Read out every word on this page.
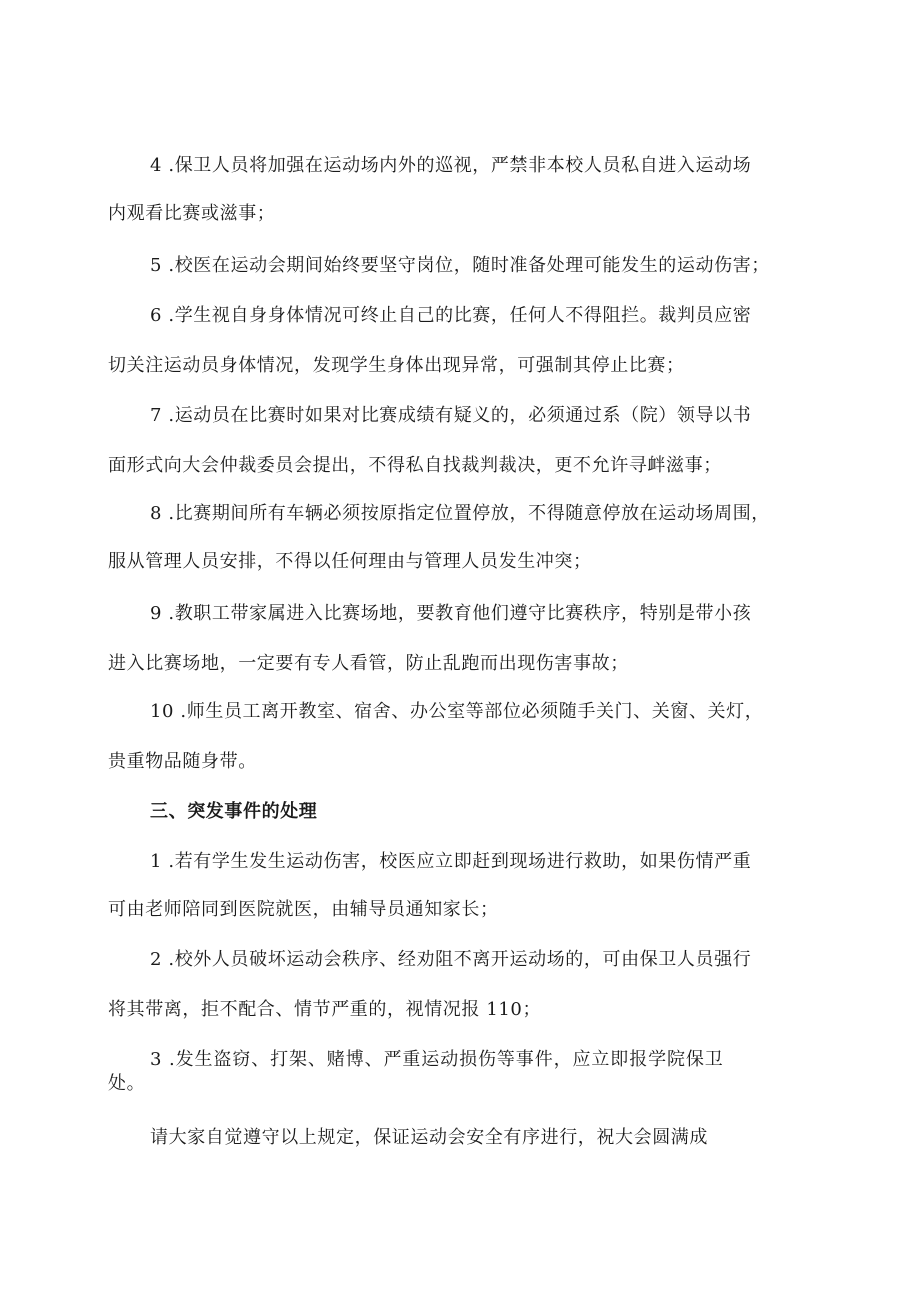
4 .保卫人员将加强在运动场内外的巡视，严禁非本校人员私自进入运动场
内观看比赛或滋事；
5 .校医在运动会期间始终要坚守岗位，随时准备处理可能发生的运动伤害；
6 .学生视自身身体情况可终止自己的比赛，任何人不得阻拦。裁判员应密
切关注运动员身体情况，发现学生身体出现异常，可强制其停止比赛；
7 .运动员在比赛时如果对比赛成绩有疑义的，必须通过系（院）领导以书
面形式向大会仲裁委员会提出，不得私自找裁判裁决，更不允许寻衅滋事；
8 .比赛期间所有车辆必须按原指定位置停放，不得随意停放在运动场周围，
服从管理人员安排，不得以任何理由与管理人员发生冲突；
9 .教职工带家属进入比赛场地，要教育他们遵守比赛秩序，特别是带小孩
进入比赛场地，一定要有专人看管，防止乱跑而出现伤害事故；
10 .师生员工离开教室、宿舍、办公室等部位必须随手关门、关窗、关灯，
贵重物品随身带。
三、突发事件的处理
1 .若有学生发生运动伤害，校医应立即赶到现场进行救助，如果伤情严重
可由老师陪同到医院就医，由辅导员通知家长；
2 .校外人员破坏运动会秩序、经劝阻不离开运动场的，可由保卫人员强行
将其带离，拒不配合、情节严重的，视情况报 110；
3 .发生盗窃、打架、赌博、严重运动损伤等事件，应立即报学院保卫
处。
请大家自觉遵守以上规定，保证运动会安全有序进行，祝大会圆满成
